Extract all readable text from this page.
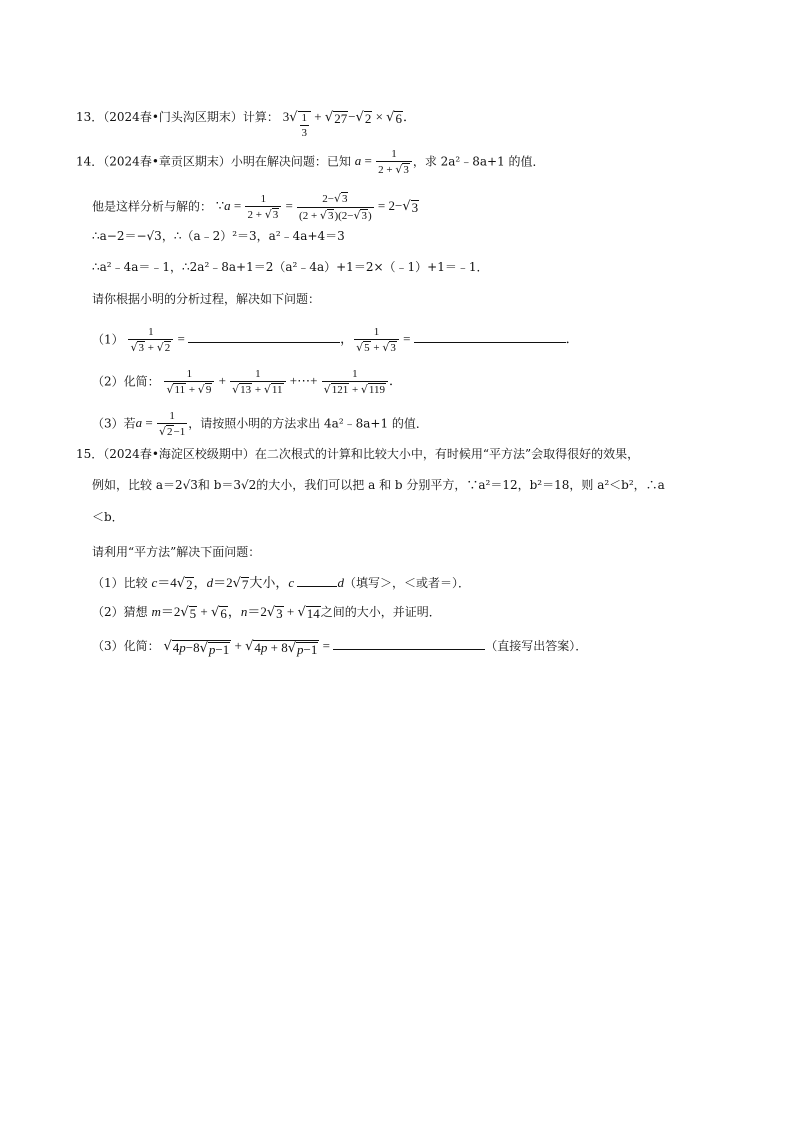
13．（2024春•门头沟区期末）计算： 3 √ $\frac{1}{3}$ + √ 27 − √ 2 × √ 6 ．
14．（2024春•章贡区期末）小明在解决问题：已知 $a = \frac{1}{2 + √ 3}$ ，求 2a²﹣8a+1 的值．
他是这样分析与解的： ∵a = $\frac{1}{2 + √ 3} = \frac{2- √ 3}{(2 + √ 3 )(2- √ 3 )} = 2-$ √ 3
∴a−2＝−√3，∴（a﹣2）²＝3，a²﹣4a+4＝3
∴a²﹣4a＝﹣1，∴2a²﹣8a+1＝2（a²﹣4a）+1＝2×（﹣1）+1＝﹣1．
请你根据小明的分析过程，解决如下问题：
$(1) \frac{1}{√ 3 + √ 2}$ =	， $\frac{1}{√ 5 + √ 3}$ =	．
（2）化简： $\frac{1}{√ 11 + √ 9} + \frac{1}{√ 13 + √ 11}$ +⋯+ $\frac{1}{√ 121 + √ 119}$ ．
（3）若$a = \frac{1}{√ 2 -1}$ ，请按照小明的方法求出 4a²﹣8a+1 的值．
15．（2024春•海淀区校级期中）在二次根式的计算和比较大小中，有时候用“平方法”会取得很好的效果，
例如，比较 a＝2√3和 b＝3√2的大小，我们可以把 a 和 b 分别平方，∵a²＝12，b²＝18，则 a²＜b²，∴a
＜b．
请利用“平方法”解决下面问题：
（1）比较 c＝4 √ 2 ，d＝2 √ 7 大小，c	d（填写＞，＜或者＝）．
（2）猜想 m＝2 √ 5 + √ 6 ，n＝2 √ 3 + √ 14 之间的大小，并证明．
（3）化简： √ 4p−8 √ p−1 + √ 4p + 8 √ p−1 =	（直接写出答案）．
